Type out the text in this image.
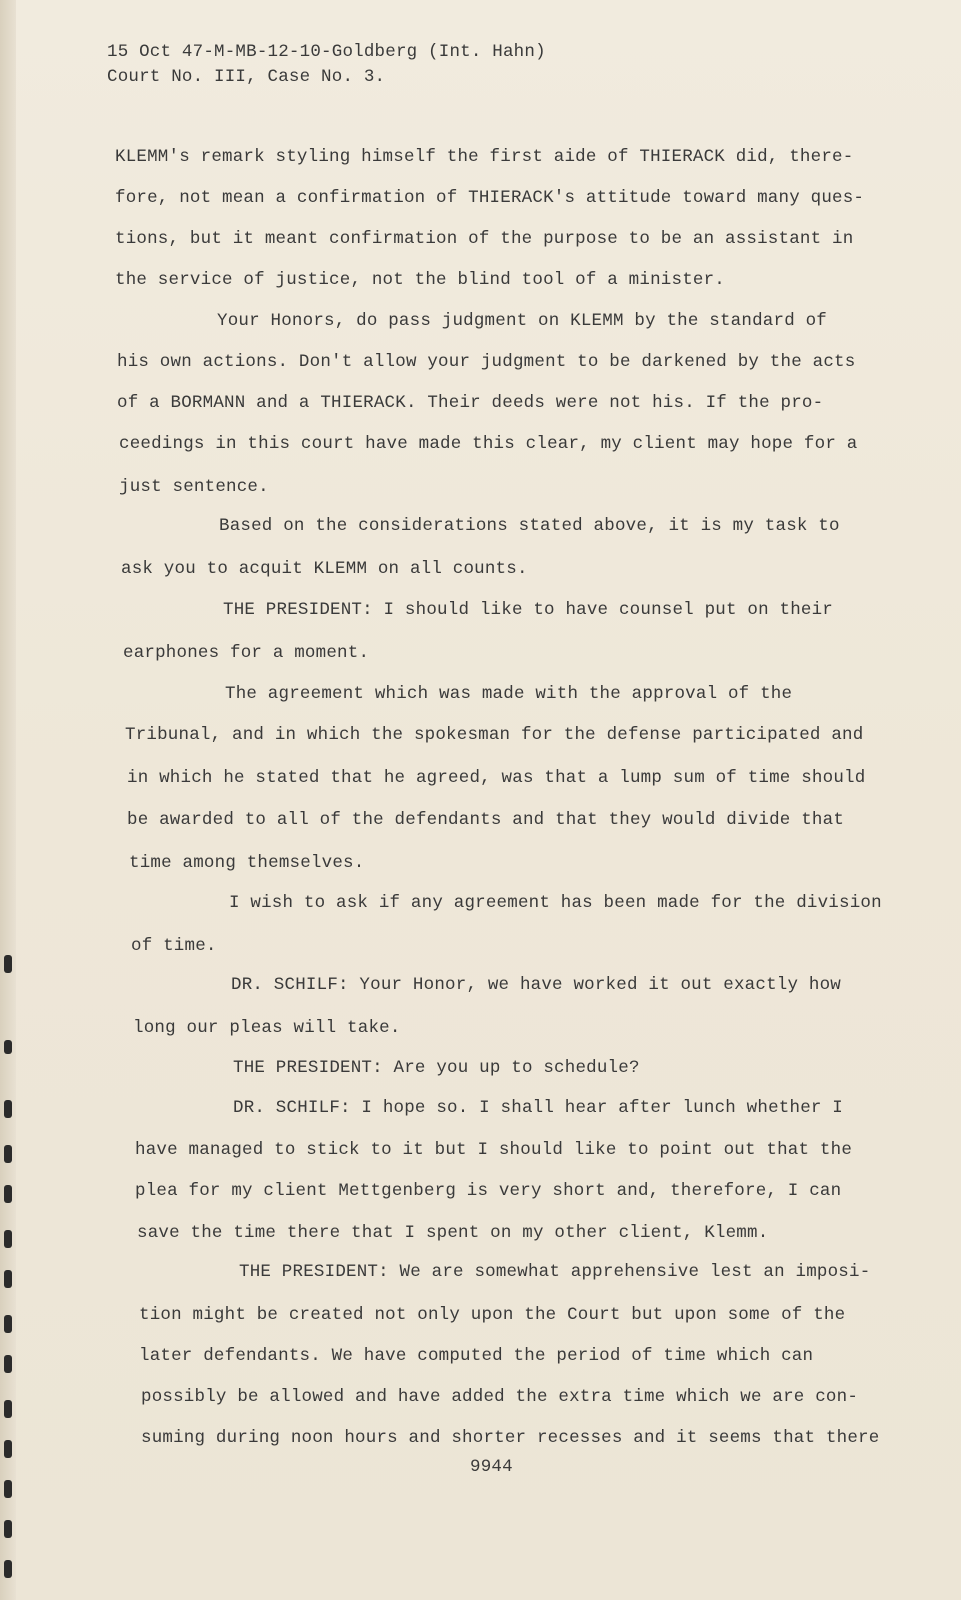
15 Oct 47-M-MB-12-10-Goldberg (Int. Hahn)
Court No. III, Case No. 3.
KLEMM's remark styling himself the first aide of THIERACK did, there-
fore, not mean a confirmation of THIERACK's attitude toward many ques-
tions, but it meant confirmation of the purpose to be an assistant in
the service of justice, not the blind tool of a minister.
Your Honors, do pass judgment on KLEMM by the standard of
his own actions. Don't allow your judgment to be darkened by the acts
of a BORMANN and a THIERACK. Their deeds were not his. If the pro-
ceedings in this court have made this clear, my client may hope for a
just sentence.
Based on the considerations stated above, it is my task to
ask you to acquit KLEMM on all counts.
THE PRESIDENT: I should like to have counsel put on their
earphones for a moment.
The agreement which was made with the approval of the
Tribunal, and in which the spokesman for the defense participated and
in which he stated that he agreed, was that a lump sum of time should
be awarded to all of the defendants and that they would divide that
time among themselves.
I wish to ask if any agreement has been made for the division
of time.
DR. SCHILF: Your Honor, we have worked it out exactly how
long our pleas will take.
THE PRESIDENT: Are you up to schedule?
DR. SCHILF: I hope so. I shall hear after lunch whether I
have managed to stick to it but I should like to point out that the
plea for my client Mettgenberg is very short and, therefore, I can
save the time there that I spent on my other client, Klemm.
THE PRESIDENT: We are somewhat apprehensive lest an imposi-
tion might be created not only upon the Court but upon some of the
later defendants. We have computed the period of time which can
possibly be allowed and have added the extra time which we are con-
suming during noon hours and shorter recesses and it seems that there
9944
